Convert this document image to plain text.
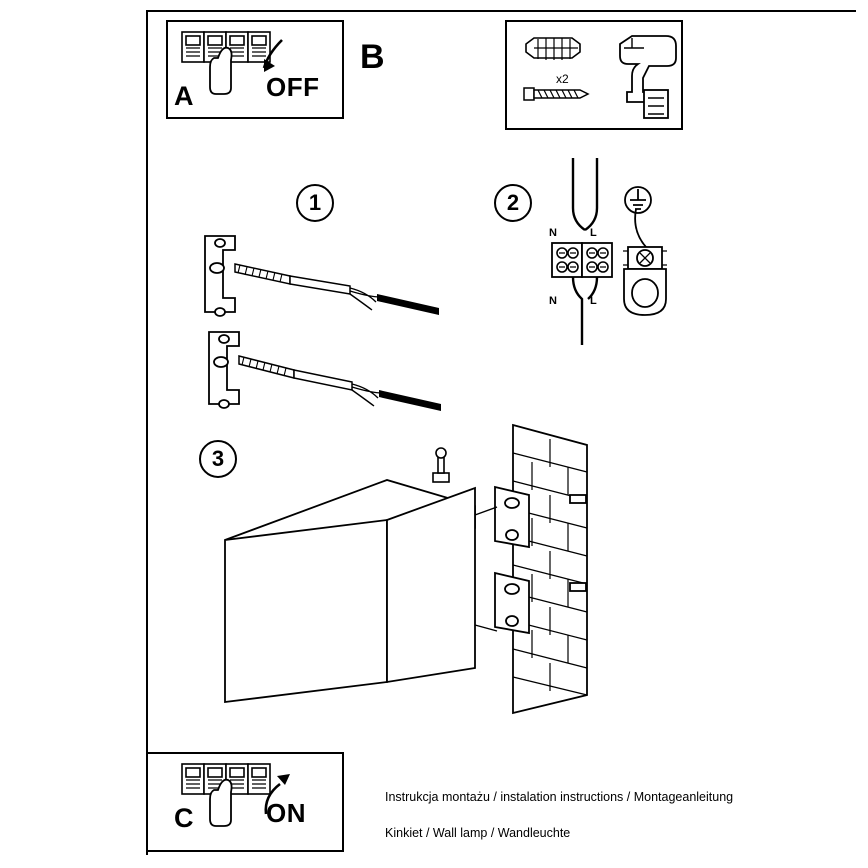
A	OFF
B
x2
1	2
N	L
N	L
3
C	ON

Instrukcja montażu / instalation instructions / Montageanleitung

Kinkiet / Wall lamp / Wandleuchte
